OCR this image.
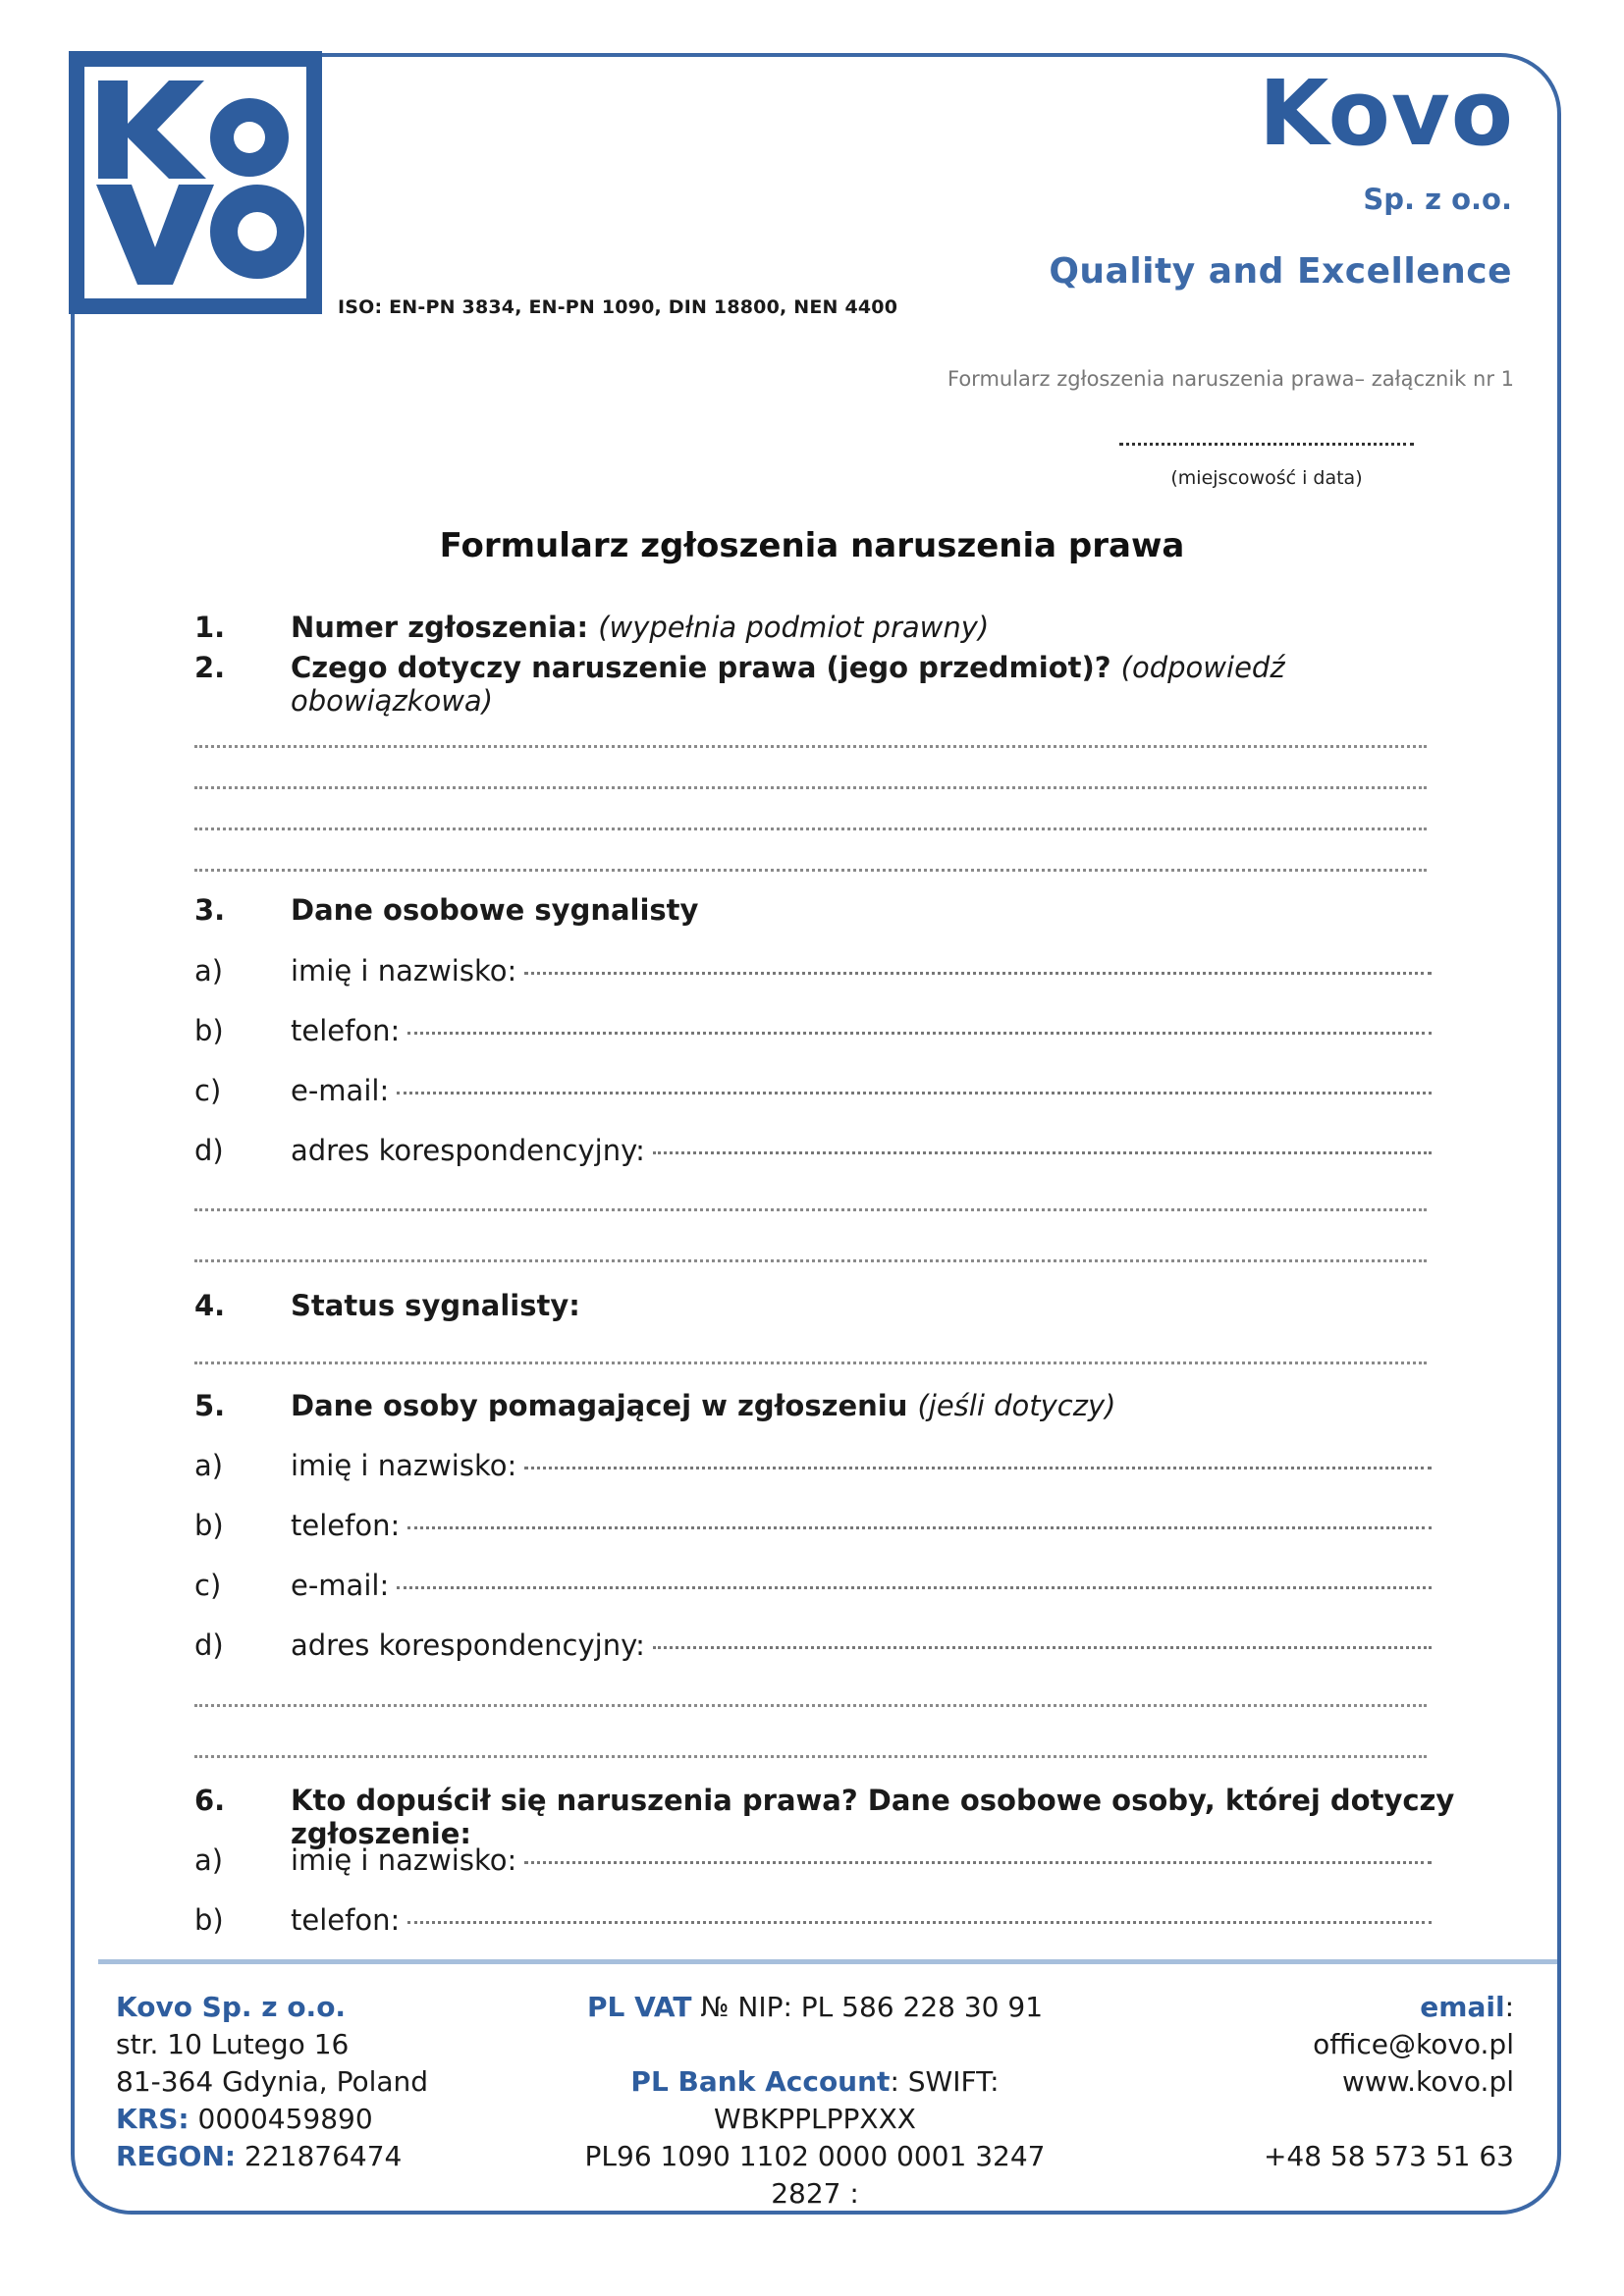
ISO: EN-PN 3834, EN-PN 1090, DIN 18800, NEN 4400
Kovo
Sp. z o.o.
Quality and Excellence
Formularz zgłoszenia naruszenia prawa– załącznik nr 1
(miejscowość i data)
Formularz zgłoszenia naruszenia prawa
1.	Numer zgłoszenia: (wypełnia podmiot prawny)
2.	Czego dotyczy naruszenie prawa (jego przedmiot)? (odpowiedź obowiązkowa)
3.	Dane osobowe sygnalisty
a)	imię i nazwisko:
b)	telefon:
c)	e-mail:
d)	adres korespondencyjny:
4.	Status sygnalisty:
5.	Dane osoby pomagającej w zgłoszeniu (jeśli dotyczy)
a)	imię i nazwisko:
b)	telefon:
c)	e-mail:
d)	adres korespondencyjny:
6.	Kto dopuścił się naruszenia prawa? Dane osobowe osoby, której dotyczy zgłoszenie:
a)	imię i nazwisko:
b)	telefon:
Kovo Sp. z o.o.
str. 10 Lutego 16
81-364 Gdynia, Poland
KRS: 0000459890
REGON: 221876474
PL VAT № NIP: PL 586 228 30 91
PL Bank Account: SWIFT: WBKPPLPPXXX
PL96 1090 1102 0000 0001 3247 2827 :
email:
office@kovo.pl
www.kovo.pl
+48 58 573 51 63
